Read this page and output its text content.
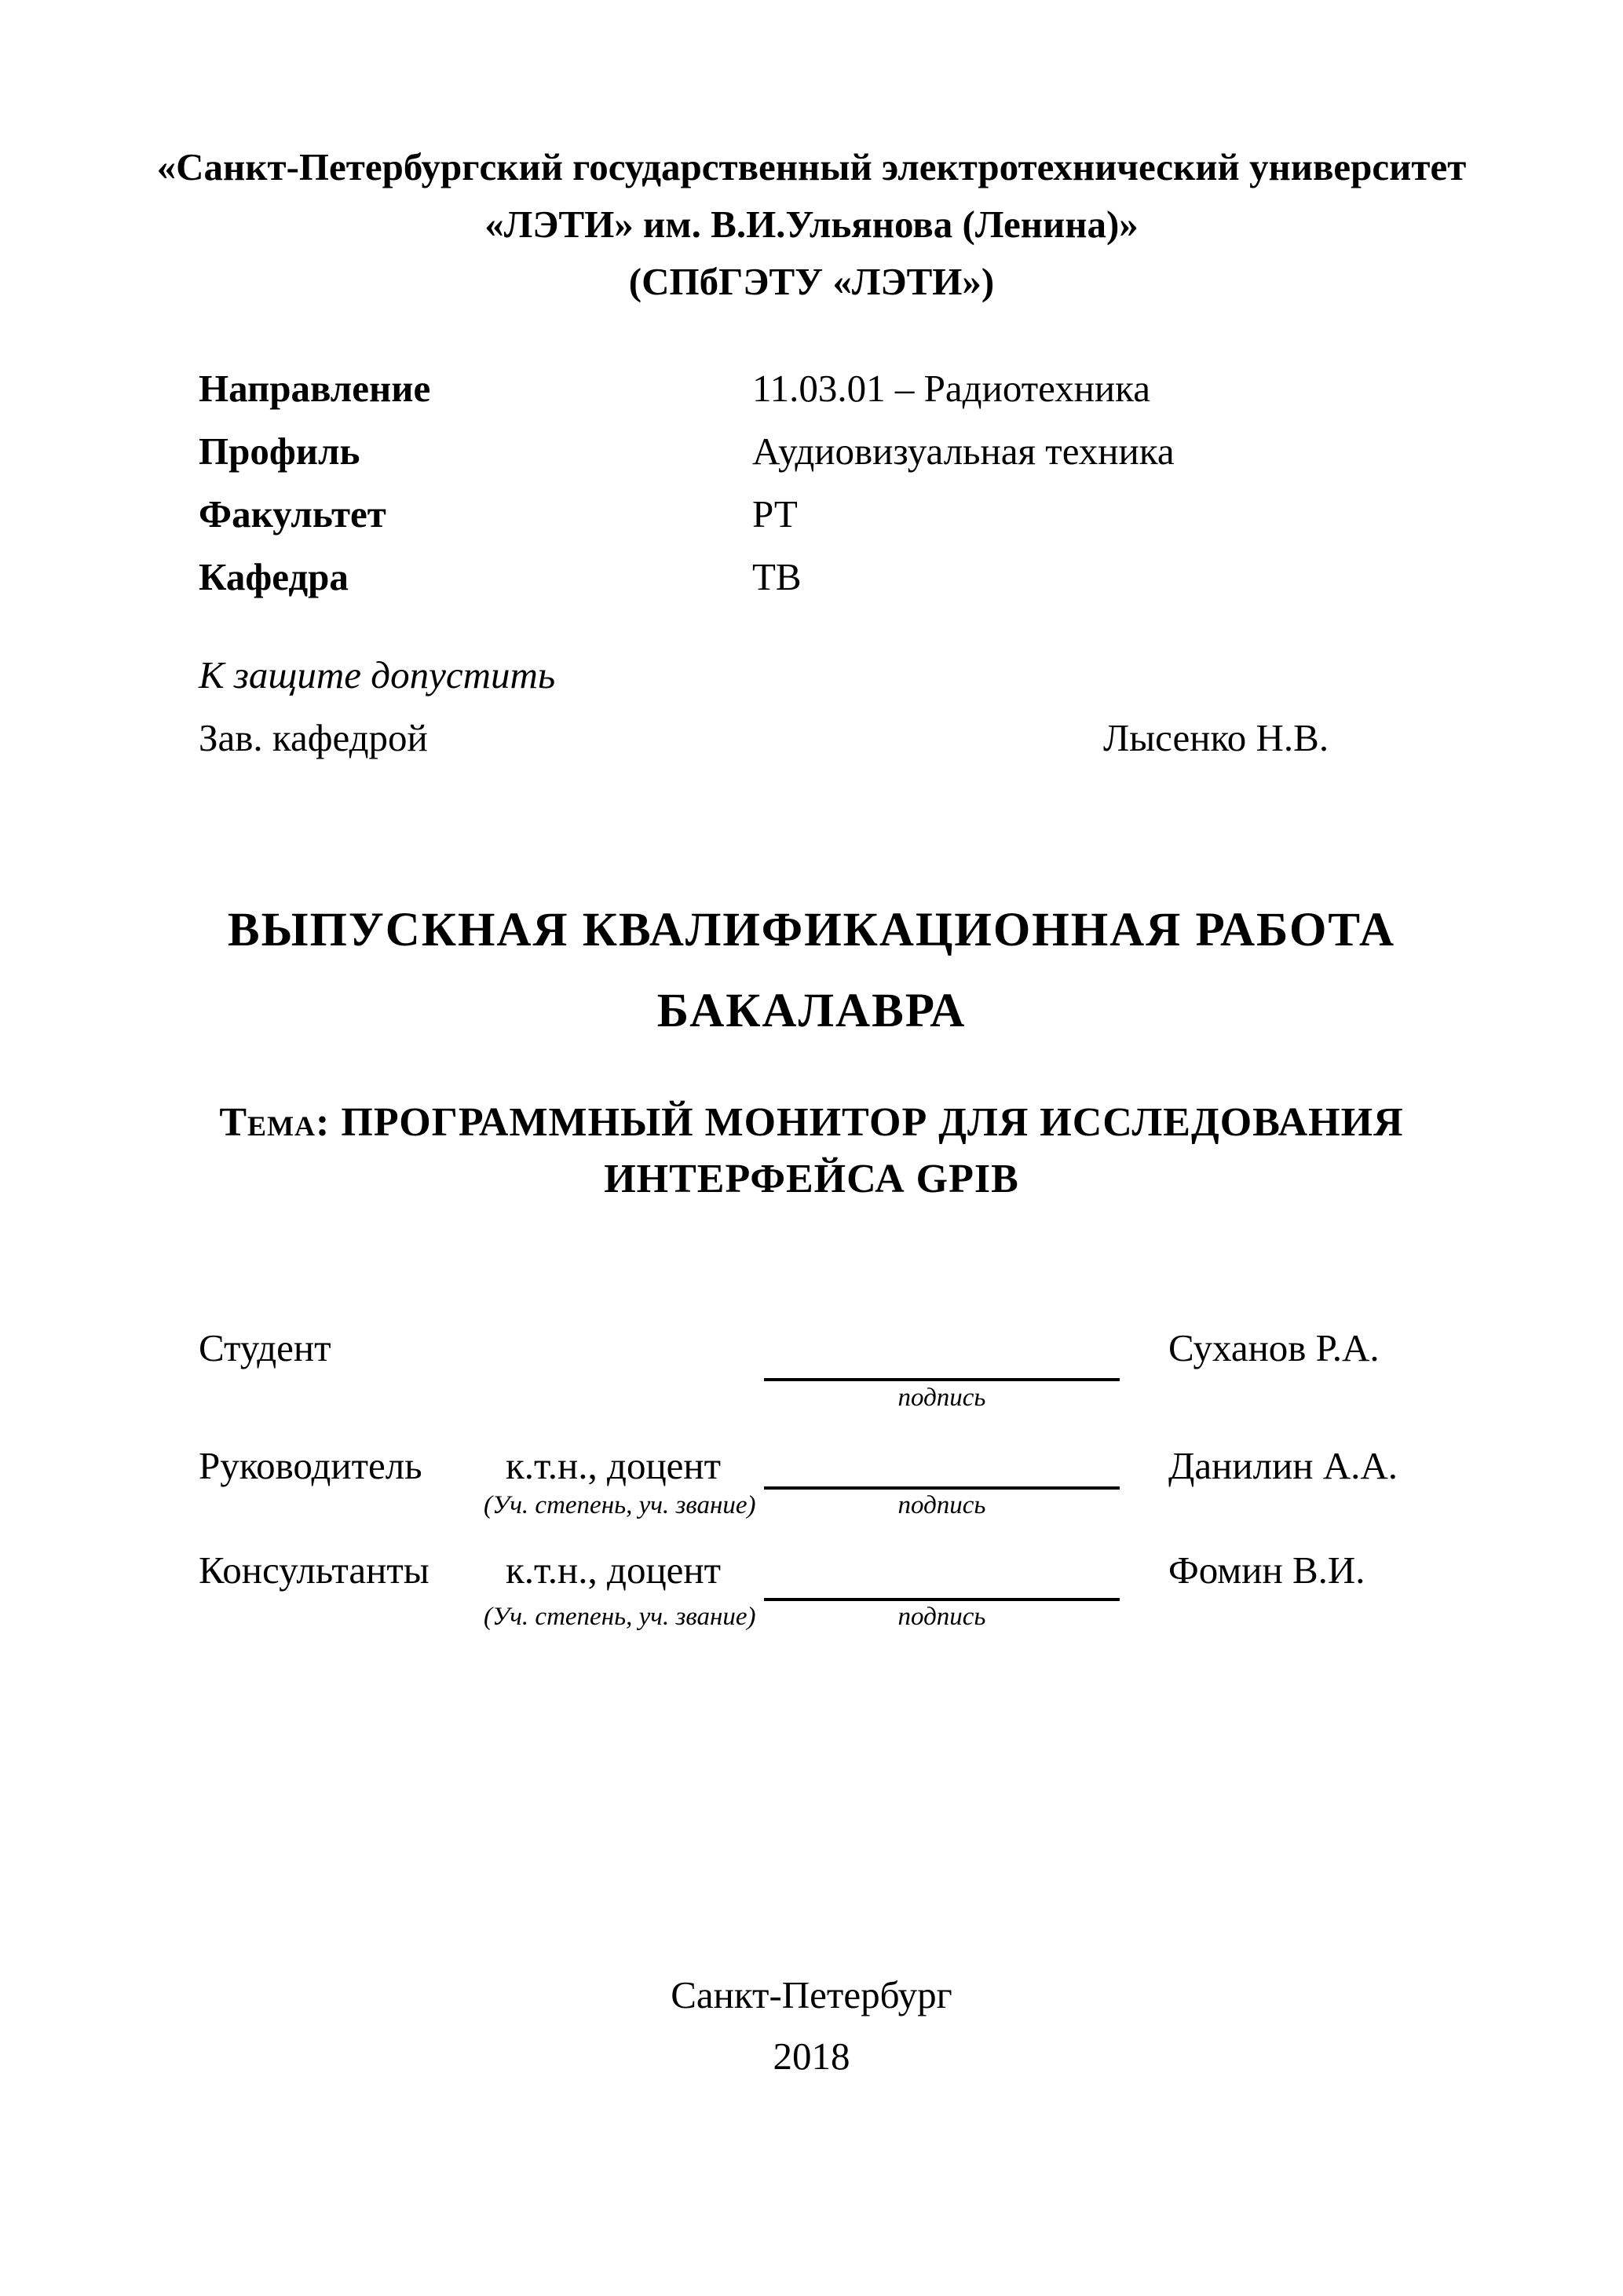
«Санкт-Петербургский государственный электротехнический университет
«ЛЭТИ» им. В.И.Ульянова (Ленина)»
(СПбГЭТУ «ЛЭТИ»)
Направление	11.03.01 – Радиотехника
Профиль	Аудиовизуальная техника
Факультет	РТ
Кафедра	ТВ
К защите допустить
Зав. кафедрой	Лысенко Н.В.
ВЫПУСКНАЯ КВАЛИФИКАЦИОННАЯ РАБОТА
БАКАЛАВРА
Тема: ПРОГРАММНЫЙ МОНИТОР ДЛЯ ИССЛЕДОВАНИЯ
ИНТЕРФЕЙСА GPIB
Студент	Суханов Р.А.
подпись
Руководитель к.т.н., доцент	Данилин А.А.
(Уч. степень, уч. звание)	подпись
Консультанты к.т.н., доцент	Фомин В.И.
(Уч. степень, уч. звание)	подпись
Санкт-Петербург
2018
